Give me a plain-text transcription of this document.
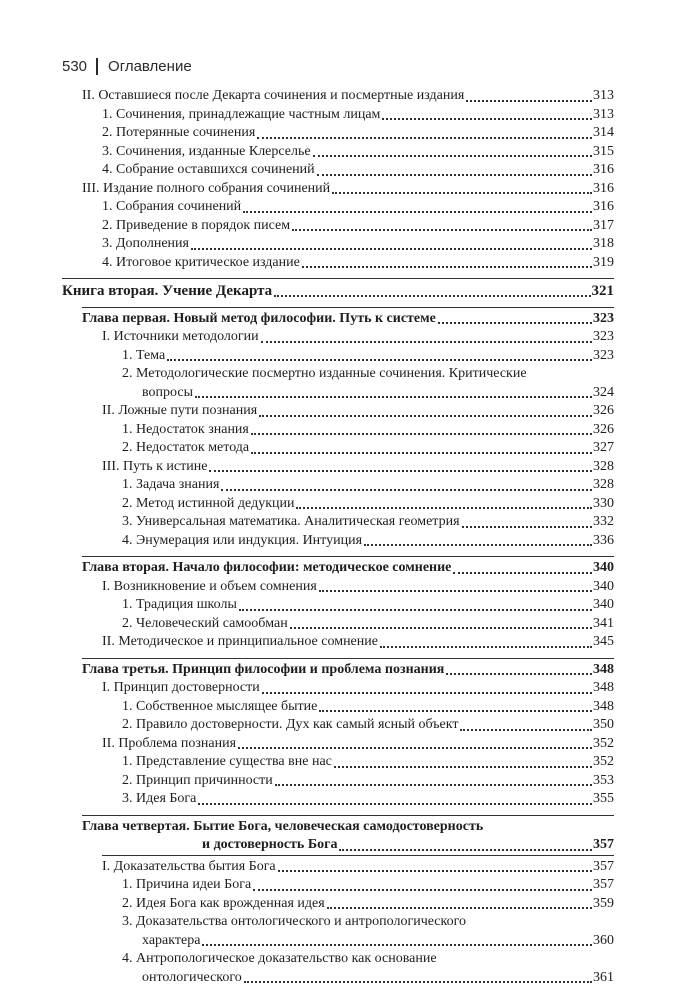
530 Оглавление
II. Оставшиеся после Декарта сочинения и посмертные издания	313
1. Сочинения, принадлежащие частным лицам	313
2. Потерянные сочинения	314
3. Сочинения, изданные Клерселье	315
4. Собрание оставшихся сочинений	316
III. Издание полного собрания сочинений	316
1. Собрания сочинений	316
2. Приведение в порядок писем	317
3. Дополнения	318
4. Итоговое критическое издание	319
Книга вторая. Учение Декарта	321
Глава первая. Новый метод философии. Путь к системе	323
I. Источники методологии	323
1. Тема	323
2. Методологические посмертно изданные сочинения. Критические
вопросы	324
II. Ложные пути познания	326
1. Недостаток знания	326
2. Недостаток метода	327
III. Путь к истине	328
1. Задача знания	328
2. Метод истинной дедукции	330
3. Универсальная математика. Аналитическая геометрия	332
4. Энумерация или индукция. Интуиция	336
Глава вторая. Начало философии: методическое сомнение	340
I. Возникновение и объем сомнения	340
1. Традиция школы	340
2. Человеческий самообман	341
II. Методическое и принципиальное сомнение	345
Глава третья. Принцип философии и проблема познания	348
I. Принцип достоверности	348
1. Собственное мыслящее бытие	348
2. Правило достоверности. Дух как самый ясный объект	350
II. Проблема познания	352
1. Представление существа вне нас	352
2. Принцип причинности	353
3. Идея Бога	355
Глава четвертая. Бытие Бога, человеческая самодостоверность
и достоверность Бога	357
I. Доказательства бытия Бога	357
1. Причина идеи Бога	357
2. Идея Бога как врожденная идея	359
3. Доказательства онтологического и антропологического
характера	360
4. Антропологическое доказательство как основание
онтологического	361
